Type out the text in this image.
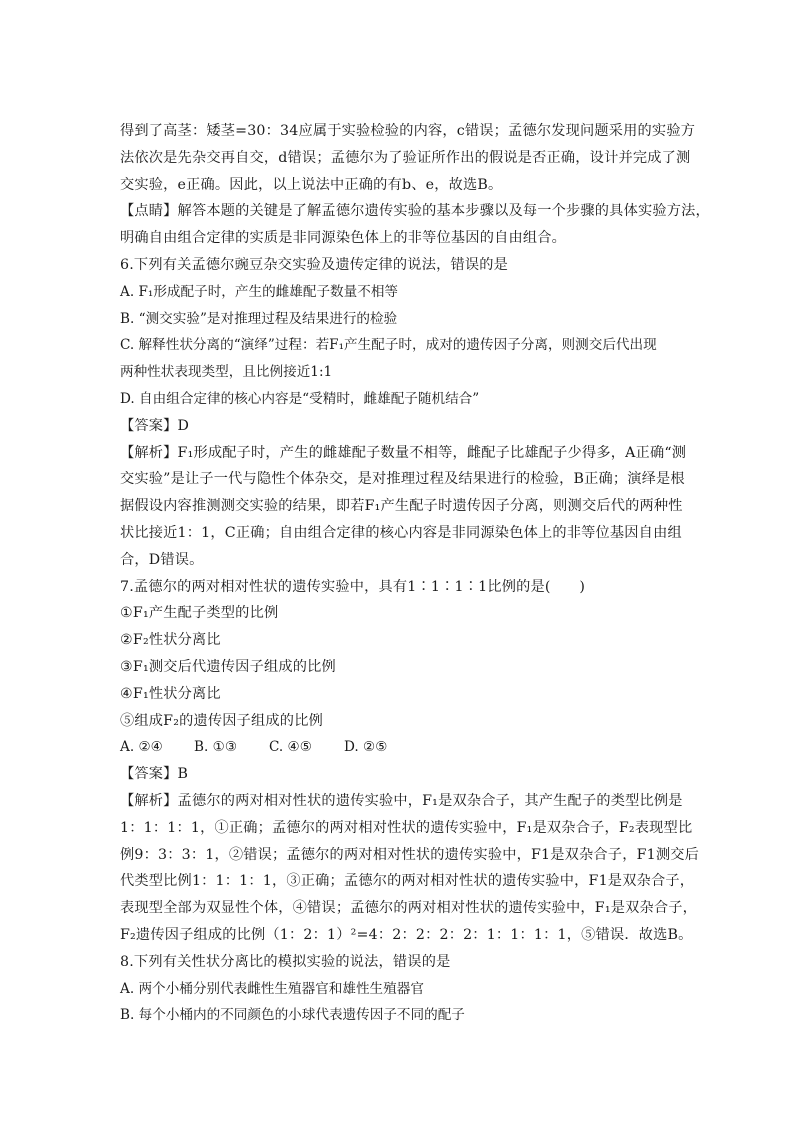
得到了高茎：矮茎=30：34应属于实验检验的内容，c错误；孟德尔发现问题采用的实验方
法依次是先杂交再自交，d错误；孟德尔为了验证所作出的假说是否正确，设计并完成了测
交实验，e正确。因此，以上说法中正确的有b、e，故选B。
【点睛】解答本题的关键是了解孟德尔遗传实验的基本步骤以及每一个步骤的具体实验方法，
明确自由组合定律的实质是非同源染色体上的非等位基因的自由组合。
6.下列有关孟德尔豌豆杂交实验及遗传定律的说法，错误的是
A. F₁形成配子时，产生的雌雄配子数量不相等
B. “测交实验”是对推理过程及结果进行的检验
C. 解释性状分离的“演绎”过程：若F₁产生配子时，成对的遗传因子分离，则测交后代出现
两种性状表现类型，且比例接近1:1
D. 自由组合定律的核心内容是“受精时，雌雄配子随机结合”
【答案】D
【解析】F₁形成配子时，产生的雌雄配子数量不相等，雌配子比雄配子少得多，A正确“测
交实验”是让子一代与隐性个体杂交，是对推理过程及结果进行的检验，B正确；演绎是根
据假设内容推测测交实验的结果，即若F₁产生配子时遗传因子分离，则测交后代的两种性
状比接近1：1，C正确；自由组合定律的核心内容是非同源染色体上的非等位基因自由组
合，D错误。
7.孟德尔的两对相对性状的遗传实验中，具有1∶1∶1∶1比例的是(　　)
①F₁产生配子类型的比例
②F₂性状分离比
③F₁测交后代遗传因子组成的比例
④F₁性状分离比
⑤组成F₂的遗传因子组成的比例
A. ②④ B. ①③ C. ④⑤ D. ②⑤
【答案】B
【解析】孟德尔的两对相对性状的遗传实验中，F₁是双杂合子，其产生配子的类型比例是
1：1：1：1，①正确；孟德尔的两对相对性状的遗传实验中，F₁是双杂合子，F₂表现型比
例9：3：3：1，②错误；孟德尔的两对相对性状的遗传实验中，F1是双杂合子，F1测交后
代类型比例1：1：1：1，③正确；孟德尔的两对相对性状的遗传实验中，F1是双杂合子，
表现型全部为双显性个体，④错误；孟德尔的两对相对性状的遗传实验中，F₁是双杂合子，
F₂遗传因子组成的比例（1：2：1）²=4：2：2：2：2：1：1：1：1，⑤错误．故选B。
8.下列有关性状分离比的模拟实验的说法，错误的是
A. 两个小桶分别代表雌性生殖器官和雄性生殖器官
B. 每个小桶内的不同颜色的小球代表遗传因子不同的配子
